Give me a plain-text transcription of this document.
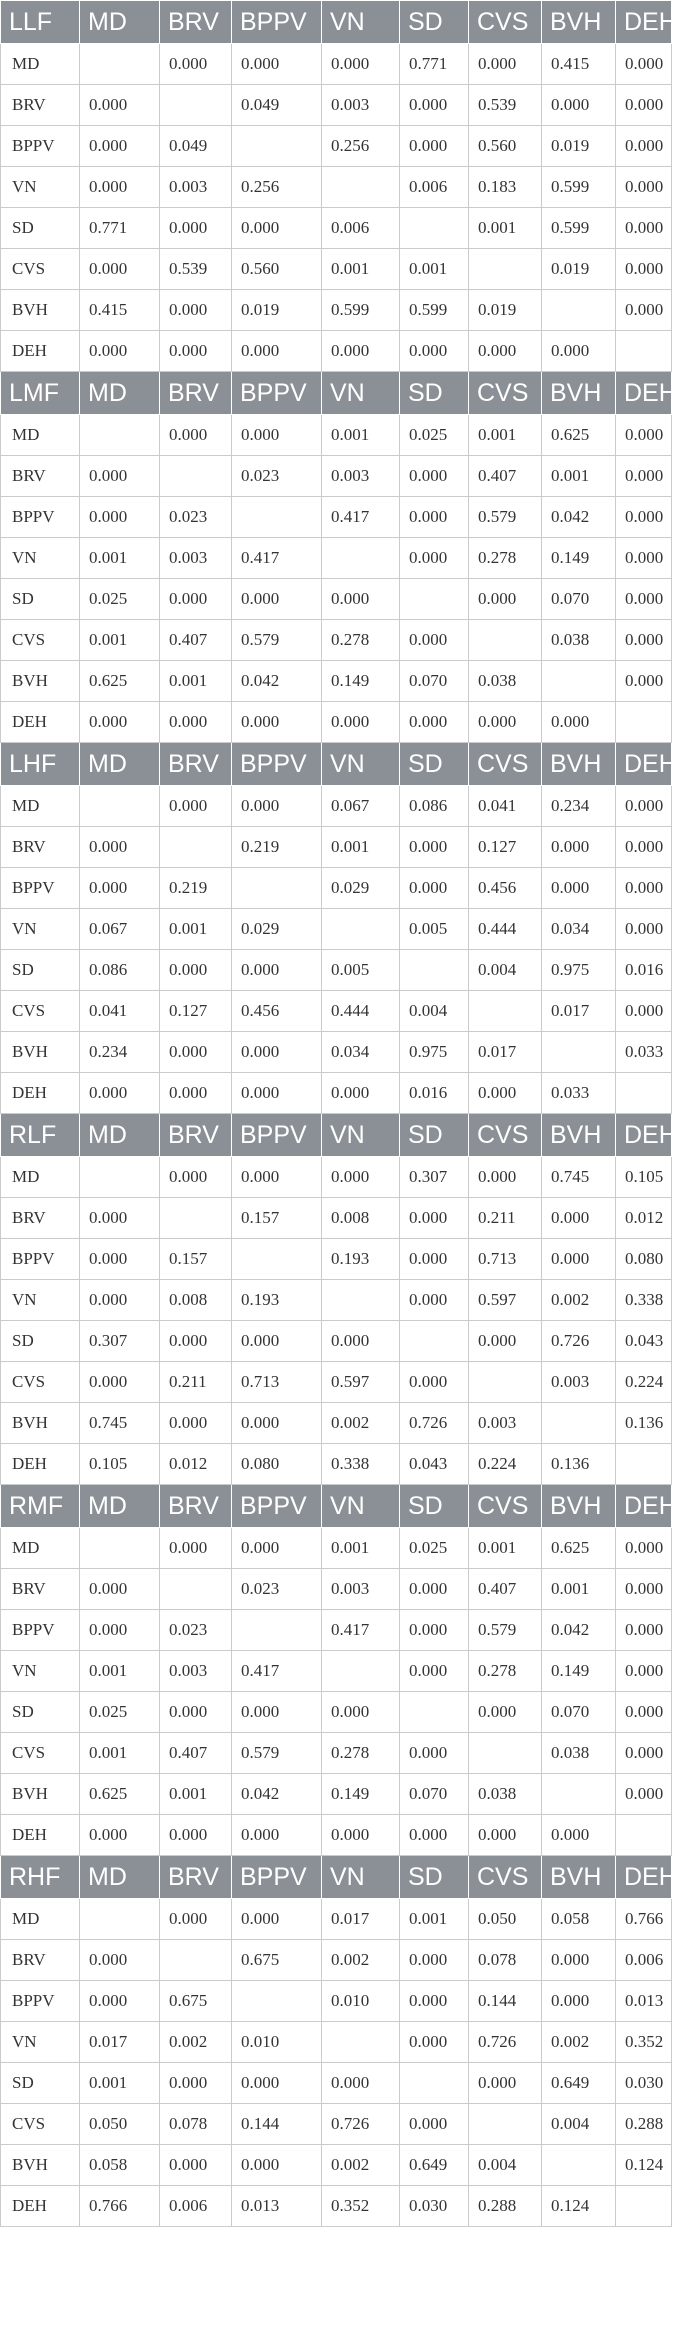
LLF	MD	BRV	BPPV	VN	SD	CVS	BVH	DEH
MD		0.000	0.000	0.000	0.771	0.000	0.415	0.000
BRV	0.000		0.049	0.003	0.000	0.539	0.000	0.000
BPPV	0.000	0.049		0.256	0.000	0.560	0.019	0.000
VN	0.000	0.003	0.256		0.006	0.183	0.599	0.000
SD	0.771	0.000	0.000	0.006		0.001	0.599	0.000
CVS	0.000	0.539	0.560	0.001	0.001		0.019	0.000
BVH	0.415	0.000	0.019	0.599	0.599	0.019		0.000
DEH	0.000	0.000	0.000	0.000	0.000	0.000	0.000	
LMF	MD	BRV	BPPV	VN	SD	CVS	BVH	DEH
MD		0.000	0.000	0.001	0.025	0.001	0.625	0.000
BRV	0.000		0.023	0.003	0.000	0.407	0.001	0.000
BPPV	0.000	0.023		0.417	0.000	0.579	0.042	0.000
VN	0.001	0.003	0.417		0.000	0.278	0.149	0.000
SD	0.025	0.000	0.000	0.000		0.000	0.070	0.000
CVS	0.001	0.407	0.579	0.278	0.000		0.038	0.000
BVH	0.625	0.001	0.042	0.149	0.070	0.038		0.000
DEH	0.000	0.000	0.000	0.000	0.000	0.000	0.000	
LHF	MD	BRV	BPPV	VN	SD	CVS	BVH	DEH
MD		0.000	0.000	0.067	0.086	0.041	0.234	0.000
BRV	0.000		0.219	0.001	0.000	0.127	0.000	0.000
BPPV	0.000	0.219		0.029	0.000	0.456	0.000	0.000
VN	0.067	0.001	0.029		0.005	0.444	0.034	0.000
SD	0.086	0.000	0.000	0.005		0.004	0.975	0.016
CVS	0.041	0.127	0.456	0.444	0.004		0.017	0.000
BVH	0.234	0.000	0.000	0.034	0.975	0.017		0.033
DEH	0.000	0.000	0.000	0.000	0.016	0.000	0.033	
RLF	MD	BRV	BPPV	VN	SD	CVS	BVH	DEH
MD		0.000	0.000	0.000	0.307	0.000	0.745	0.105
BRV	0.000		0.157	0.008	0.000	0.211	0.000	0.012
BPPV	0.000	0.157		0.193	0.000	0.713	0.000	0.080
VN	0.000	0.008	0.193		0.000	0.597	0.002	0.338
SD	0.307	0.000	0.000	0.000		0.000	0.726	0.043
CVS	0.000	0.211	0.713	0.597	0.000		0.003	0.224
BVH	0.745	0.000	0.000	0.002	0.726	0.003		0.136
DEH	0.105	0.012	0.080	0.338	0.043	0.224	0.136	
RMF	MD	BRV	BPPV	VN	SD	CVS	BVH	DEH
MD		0.000	0.000	0.001	0.025	0.001	0.625	0.000
BRV	0.000		0.023	0.003	0.000	0.407	0.001	0.000
BPPV	0.000	0.023		0.417	0.000	0.579	0.042	0.000
VN	0.001	0.003	0.417		0.000	0.278	0.149	0.000
SD	0.025	0.000	0.000	0.000		0.000	0.070	0.000
CVS	0.001	0.407	0.579	0.278	0.000		0.038	0.000
BVH	0.625	0.001	0.042	0.149	0.070	0.038		0.000
DEH	0.000	0.000	0.000	0.000	0.000	0.000	0.000	
RHF	MD	BRV	BPPV	VN	SD	CVS	BVH	DEH
MD		0.000	0.000	0.017	0.001	0.050	0.058	0.766
BRV	0.000		0.675	0.002	0.000	0.078	0.000	0.006
BPPV	0.000	0.675		0.010	0.000	0.144	0.000	0.013
VN	0.017	0.002	0.010		0.000	0.726	0.002	0.352
SD	0.001	0.000	0.000	0.000		0.000	0.649	0.030
CVS	0.050	0.078	0.144	0.726	0.000		0.004	0.288
BVH	0.058	0.000	0.000	0.002	0.649	0.004		0.124
DEH	0.766	0.006	0.013	0.352	0.030	0.288	0.124	
